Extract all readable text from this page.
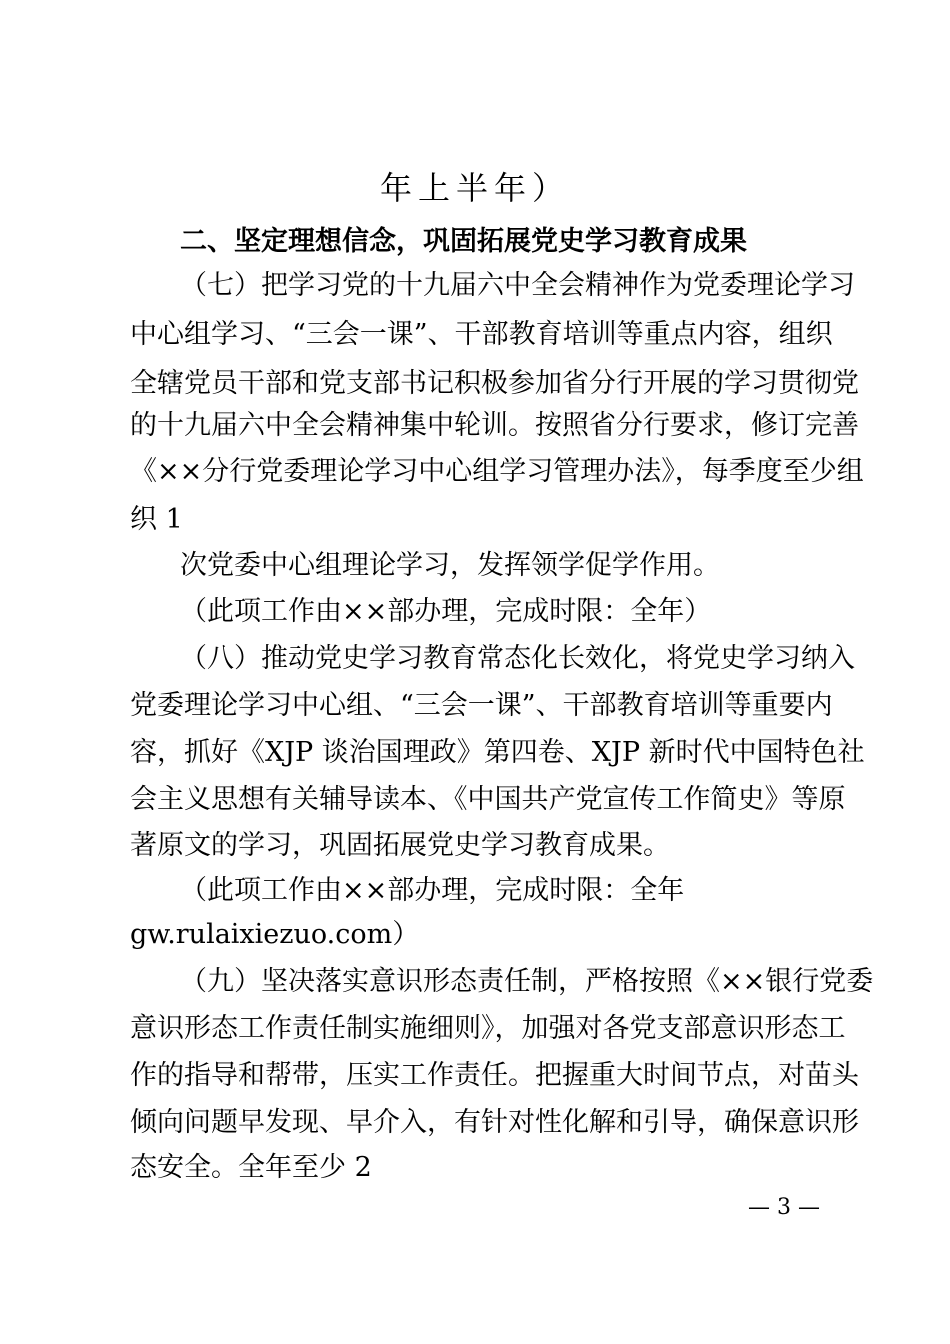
年上半年）
二、坚定理想信念，巩固拓展党史学习教育成果
（七）把学习党的十九届六中全会精神作为党委理论学习
中心组学习、“三会一课”、干部教育培训等重点内容，组织
全辖党员干部和党支部书记积极参加省分行开展的学习贯彻党
的十九届六中全会精神集中轮训。按照省分行要求，修订完善
《××分行党委理论学习中心组学习管理办法》，每季度至少组
织 1
次党委中心组理论学习，发挥领学促学作用。
（此项工作由××部办理，完成时限：全年）
（八）推动党史学习教育常态化长效化，将党史学习纳入
党委理论学习中心组、“三会一课”、干部教育培训等重要内
容，抓好《XJP 谈治国理政》第四卷、XJP 新时代中国特色社
会主义思想有关辅导读本、《中国共产党宣传工作简史》等原
著原文的学习，巩固拓展党史学习教育成果。
（此项工作由××部办理，完成时限：全年
gw.rulaixiezuo.com）
（九）坚决落实意识形态责任制，严格按照《××银行党委
意识形态工作责任制实施细则》，加强对各党支部意识形态工
作的指导和帮带，压实工作责任。把握重大时间节点，对苗头
倾向问题早发现、早介入，有针对性化解和引导，确保意识形
态安全。全年至少 2
— 3 —
